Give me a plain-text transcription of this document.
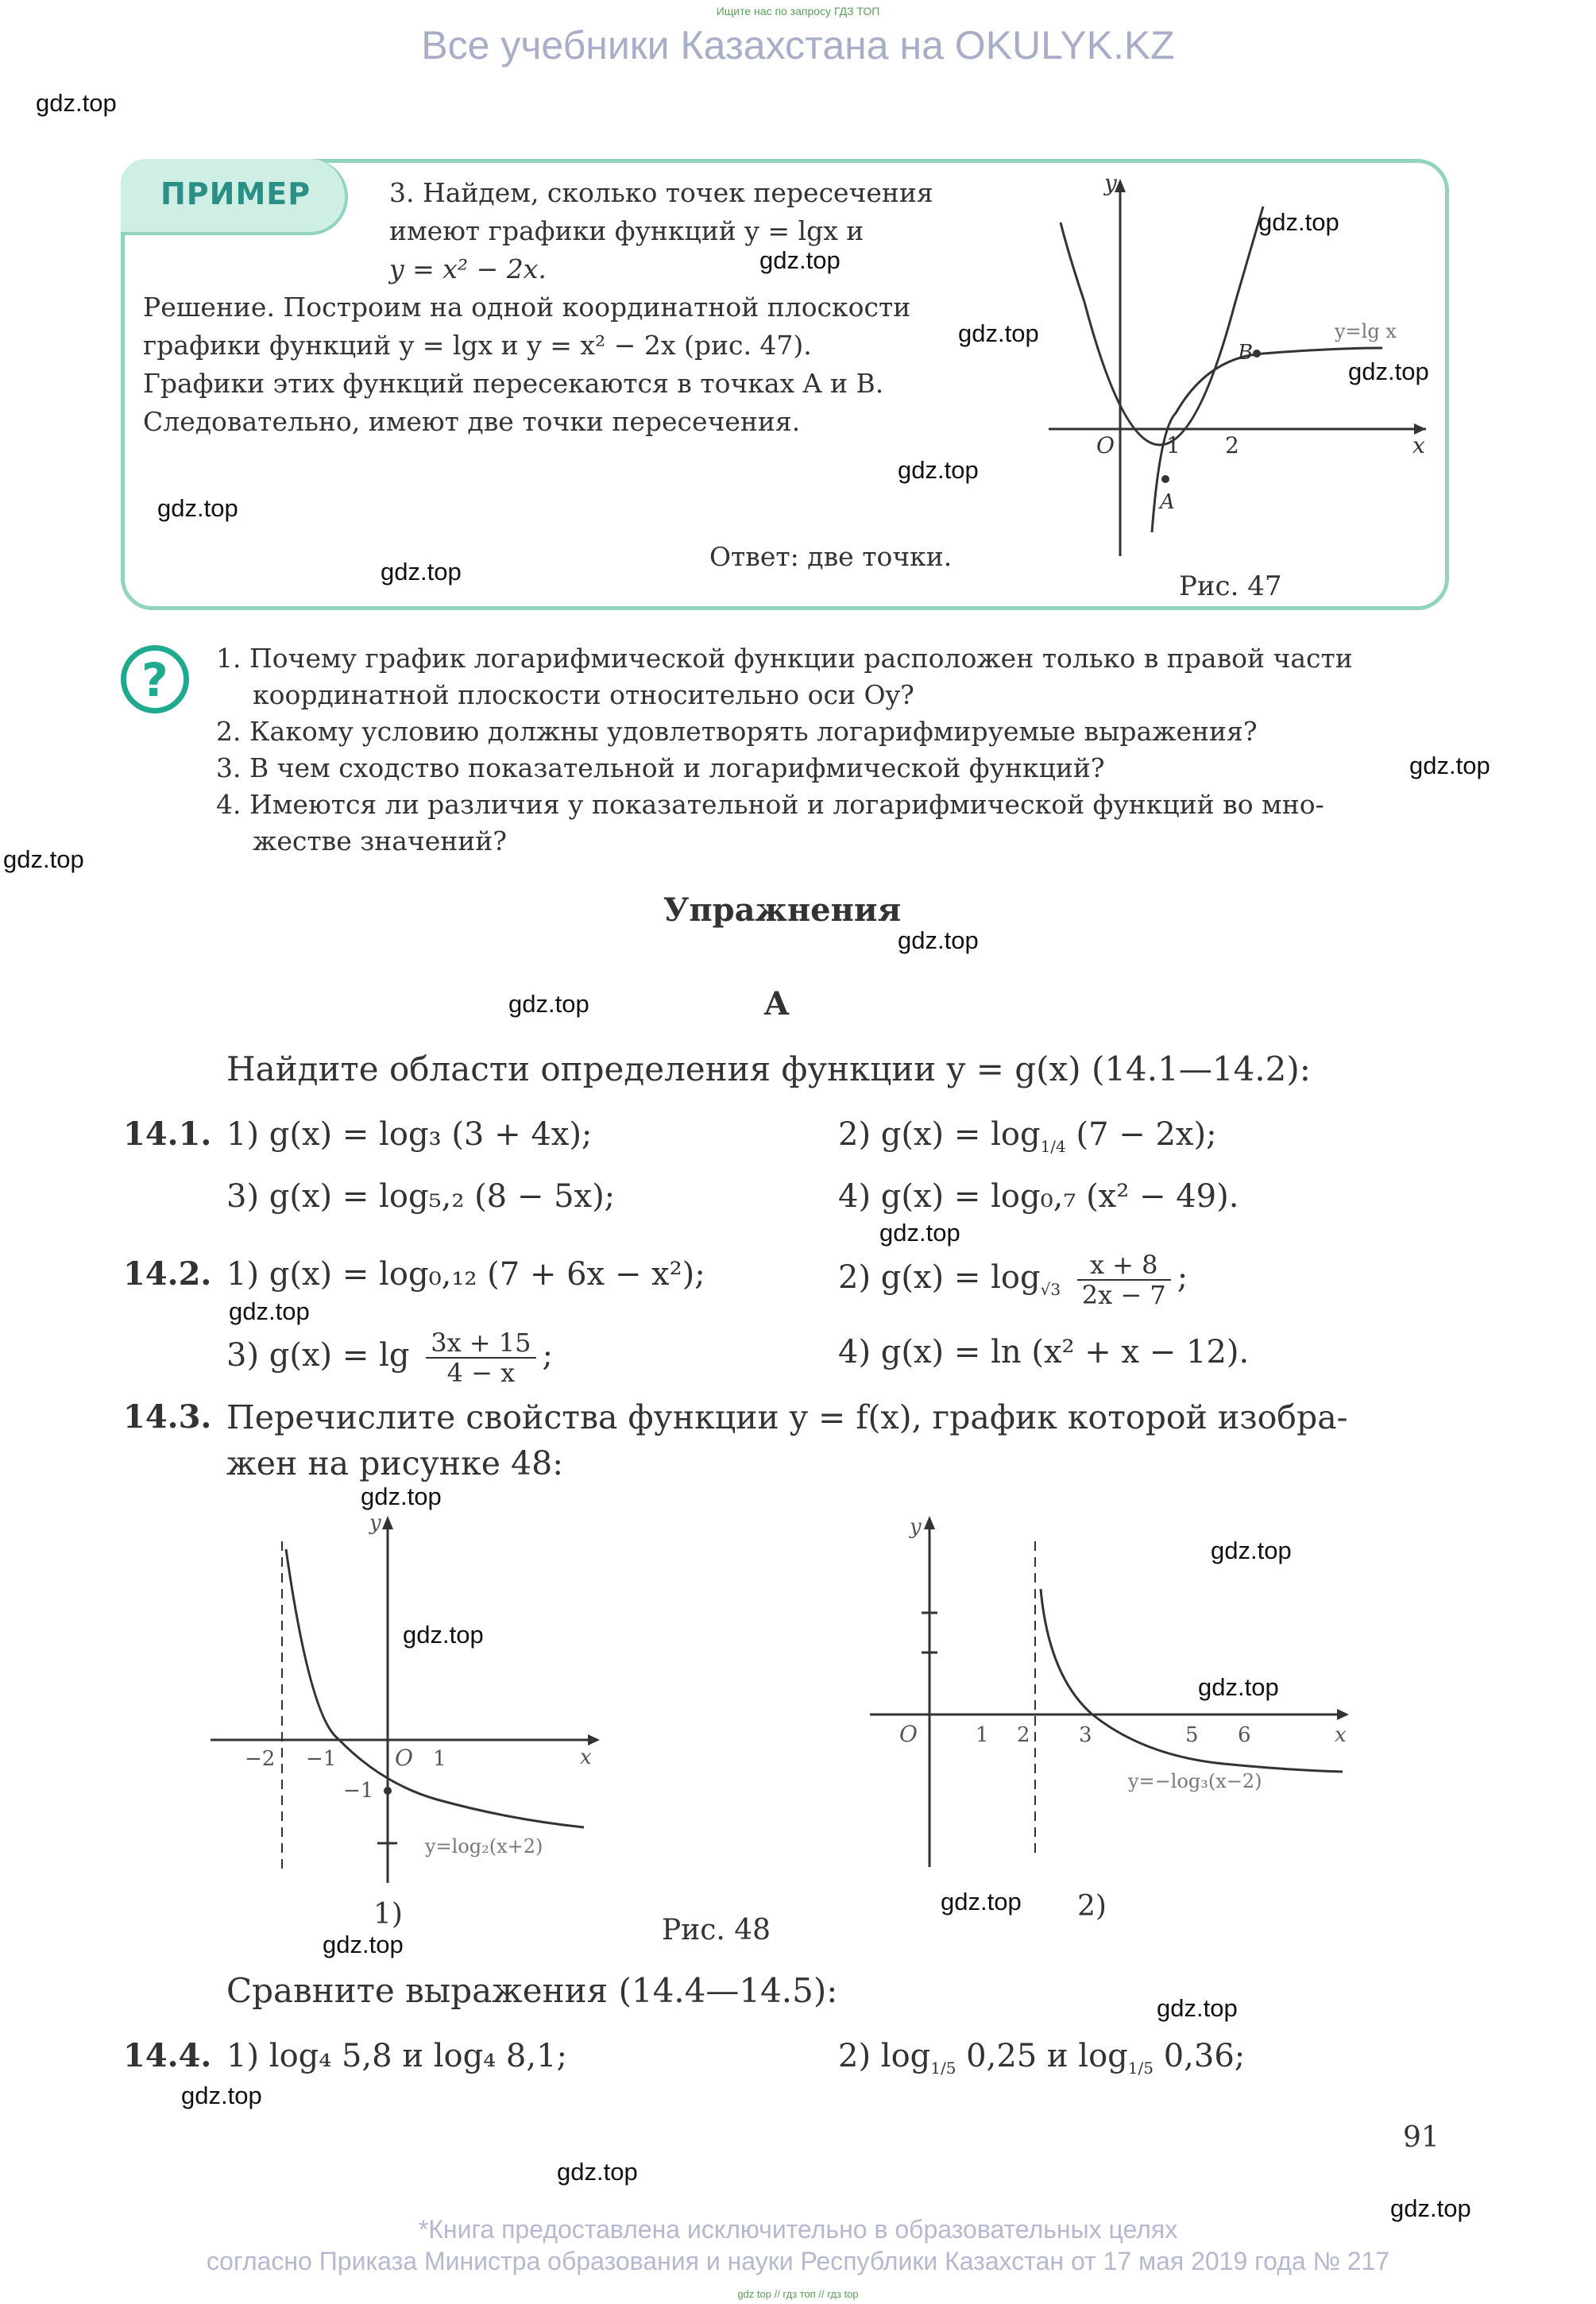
Ищите нас по запросу ГДЗ ТОП
Все учебники Казахстана на OKULYK.KZ
gdz.top
gdz.top
gdz.top
gdz.top
gdz.top
gdz.top
gdz.top
gdz.top
gdz.top
gdz.top
gdz.top
gdz.top
gdz.top
gdz.top
gdz.top
gdz.top
gdz.top
gdz.top
gdz.top
gdz.top
gdz.top
gdz.top
gdz.top
gdz.top
ПРИМЕР	3. Найдем, сколько точек пересечения
имеют графики функций y = lgx и
y = x² − 2x.
Решение. Построим на одной координатной плоскости
графики функций y = lgx и y = x² − 2x (рис. 47).
Графики этих функций пересекаются в точках A и B.
Следовательно, имеют две точки пересечения.
Ответ: две точки.
Рис. 47
y
x
O 1 2
A
B
y=lg x
?	1. Почему график логарифмической функции расположен только в правой части
координатной плоскости относительно оси Oy?
2. Какому условию должны удовлетворять логарифмируемые выражения?
3. В чем сходство показательной и логарифмической функций?
4. Имеются ли различия у показательной и логарифмической функций во мно-
жестве значений?
Упражнения
A
Найдите области определения функции y = g(x) (14.1—14.2):
14.1. 1) g(x) = log₃ (3 + 4x);	2) $g(x) = \log_{1/4} (7 - 2x)$;
3) g(x) = log₅,₂ (8 − 5x);	4) g(x) = log₀,₇ (x² − 49).
14.2. 1) g(x) = log₀,₁₂ (7 + 6x − x²);	2) $g(x) = \log_{√3} \frac{x + 8}{2x - 7}$ ;
3) $g(x) = \lg \frac{3x + 15}{4 - x}$ ;	4) g(x) = ln (x² + x − 12).
14.3. Перечислите свойства функции y = f(x), график которой изобра-
жен на рисунке 48:
y
x
O
−2 −1	1
−1
y=log₂(x+2)
1)	Рис. 48
y
x
O	1 2 3	5 6
y=−log₃(x−2)
2)
Сравните выражения (14.4—14.5):
14.4. 1) log₄ 5,8 и log₄ 8,1;	2) $\log_{1/5} 0,25$ и $\log_{1/5} 0,36$;
91
*Книга предоставлена исключительно в образовательных целях
согласно Приказа Министра образования и науки Республики Казахстан от 17 мая 2019 года № 217
gdz top // гдз топ // гдз top
